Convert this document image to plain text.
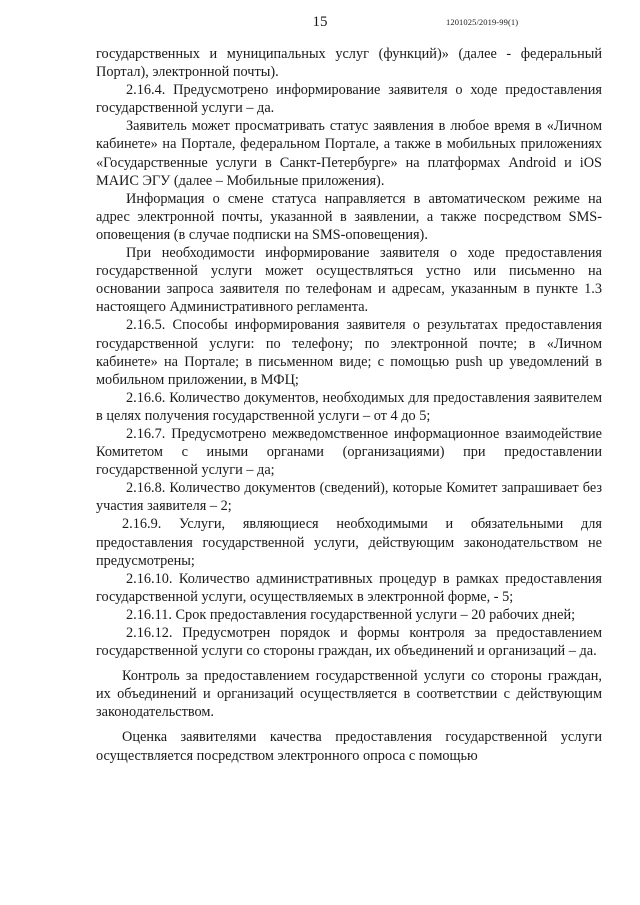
15	1201025/2019-99(1)

государственных и муниципальных услуг (функций)» (далее - федеральный Портал), электронной почты).

2.16.4. Предусмотрено информирование заявителя о ходе предоставления государственной услуги – да.

Заявитель может просматривать статус заявления в любое время в «Личном кабинете» на Портале, федеральном Портале, а также в мобильных приложениях «Государственные услуги в Санкт-Петербурге» на платформах Android и iOS МАИС ЭГУ (далее – Мобильные приложения).

Информация о смене статуса направляется в автоматическом режиме на адрес электронной почты, указанной в заявлении, а также посредством SMS-оповещения (в случае подписки на SMS-оповещения).

При необходимости информирование заявителя о ходе предоставления государственной услуги может осуществляться устно или письменно на основании запроса заявителя по телефонам и адресам, указанным в пункте 1.3 настоящего Административного регламента.

2.16.5. Способы информирования заявителя о результатах предоставления государственной услуги: по телефону; по электронной почте; в «Личном кабинете» на Портале; в письменном виде; с помощью push up уведомлений в мобильном приложении, в МФЦ;

2.16.6. Количество документов, необходимых для предоставления заявителем в целях получения государственной услуги – от 4 до 5;

2.16.7. Предусмотрено межведомственное информационное взаимодействие Комитетом с иными органами (организациями) при предоставлении государственной услуги – да;

2.16.8. Количество документов (сведений), которые Комитет запрашивает без участия заявителя – 2;

2.16.9. Услуги, являющиеся необходимыми и обязательными для предоставления государственной услуги, действующим законодательством не предусмотрены;

2.16.10. Количество административных процедур в рамках предоставления государственной услуги, осуществляемых в электронной форме, - 5;

2.16.11. Срок предоставления государственной услуги – 20 рабочих дней;

2.16.12. Предусмотрен порядок и формы контроля за предоставлением государственной услуги со стороны граждан, их объединений и организаций – да.

Контроль за предоставлением государственной услуги со стороны граждан, их объединений и организаций осуществляется в соответствии с действующим законодательством.

Оценка заявителями качества предоставления государственной услуги осуществляется посредством электронного опроса с помощью
